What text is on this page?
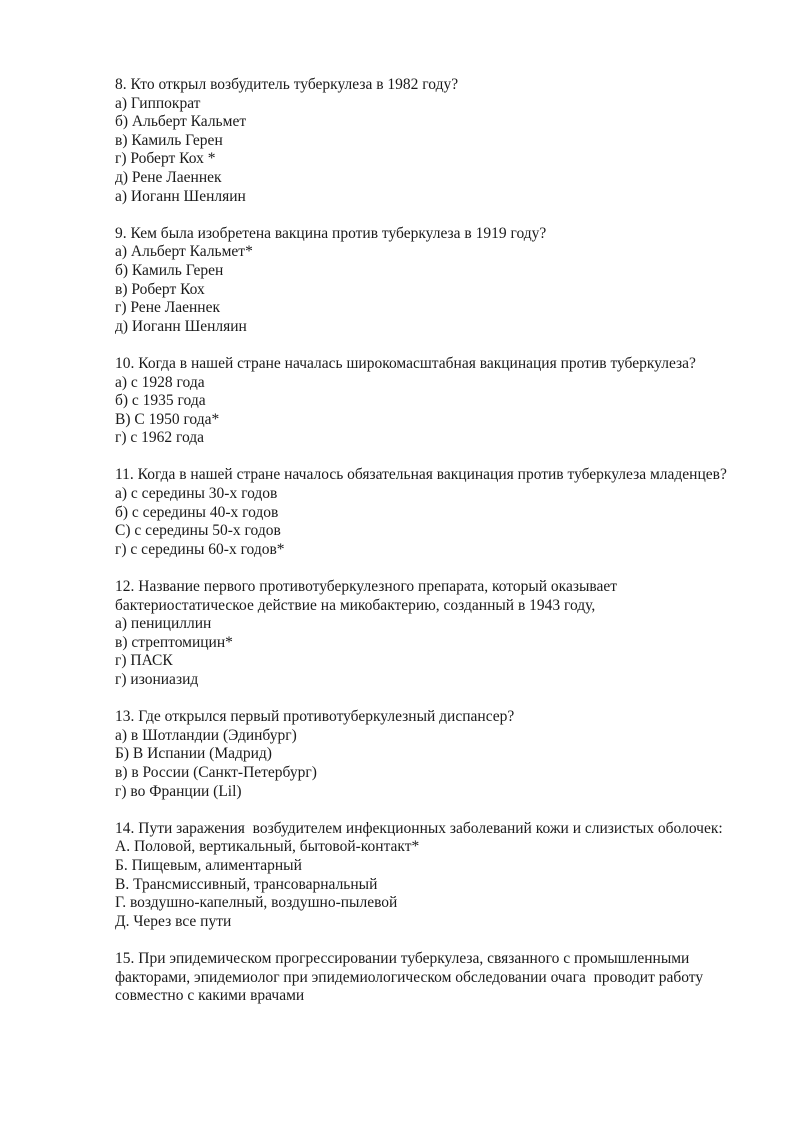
8. Кто открыл возбудитель туберкулеза в 1982 году?
а) Гиппократ
б) Альберт Кальмет
в) Камиль Герен
г) Роберт Кох *
д) Рене Лаеннек
а) Иоганн Шенляин
9. Кем была изобретена вакцина против туберкулеза в 1919 году?
а) Альберт Кальмет*
б) Камиль Герен
в) Роберт Кох
г) Рене Лаеннек
д) Иоганн Шенляин
10. Когда в нашей стране началась широкомасштабная вакцинация против туберкулеза?
а) с 1928 года
б) с 1935 года
В) С 1950 года*
г) с 1962 года
11. Когда в нашей стране началось обязательная вакцинация против туберкулеза младенцев?
а) с середины 30-х годов
б) с середины 40-х годов
С) с середины 50-х годов
г) с середины 60-х годов*
12. Название первого противотуберкулезного препарата, который оказывает бактериостатическое действие на микобактерию, созданный в 1943 году,
а) пенициллин
в) стрептомицин*
г) ПАСК
г) изониазид
13. Где открылся первый противотуберкулезный диспансер?
а) в Шотландии (Эдинбург)
Б) В Испании (Мадрид)
в) в России (Санкт-Петербург)
г) во Франции (Lil)
14. Пути заражения  возбудителем инфекционных заболеваний кожи и слизистых оболочек:
А. Половой, вертикальный, бытовой-контакт*
Б. Пищевым, алиментарный
В. Трансмиссивный, трансоварнальный
Г. воздушно-капелный, воздушно-пылевой
Д. Через все пути
15. При эпидемическом прогрессировании туберкулеза, связанного с промышленными факторами, эпидемиолог при эпидемиологическом обследовании очага  проводит работу совместно с какими врачами
